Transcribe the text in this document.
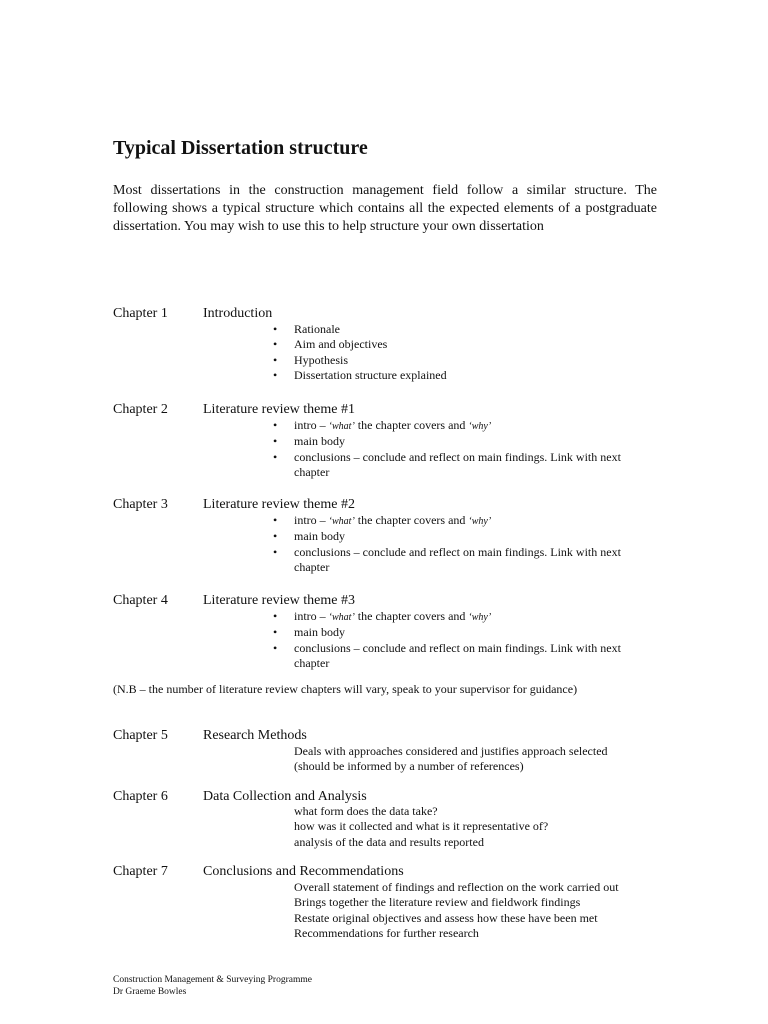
Typical Dissertation structure

Most dissertations in the construction management field follow a similar structure. The following shows a typical structure which contains all the expected elements of a postgraduate dissertation. You may wish to use this to help structure your own dissertation

Chapter 1	Introduction
• Rationale
• Aim and objectives
• Hypothesis
• Dissertation structure explained
Chapter 2	Literature review theme #1
• intro – ‘what’ the chapter covers and ‘why’
• main body
• conclusions – conclude and reflect on main findings. Link with next chapter
Chapter 3	Literature review theme #2
• intro – ‘what’ the chapter covers and ‘why’
• main body
• conclusions – conclude and reflect on main findings. Link with next chapter
Chapter 4	Literature review theme #3
• intro – ‘what’ the chapter covers and ‘why’
• main body
• conclusions – conclude and reflect on main findings. Link with next chapter
Chapter 5	Research Methods
Deals with approaches considered and justifies approach selected
(should be informed by a number of references)
Chapter 6	Data Collection and Analysis
what form does the data take?
how was it collected and what is it representative of?
analysis of the data and results reported
Chapter 7	Conclusions and Recommendations
Overall statement of findings and reflection on the work carried out
Brings together the literature review and fieldwork findings
Restate original objectives and assess how these have been met
Recommendations for further research
(N.B – the number of literature review chapters will vary, speak to your supervisor for guidance)
Construction Management & Surveying Programme
Dr Graeme Bowles
